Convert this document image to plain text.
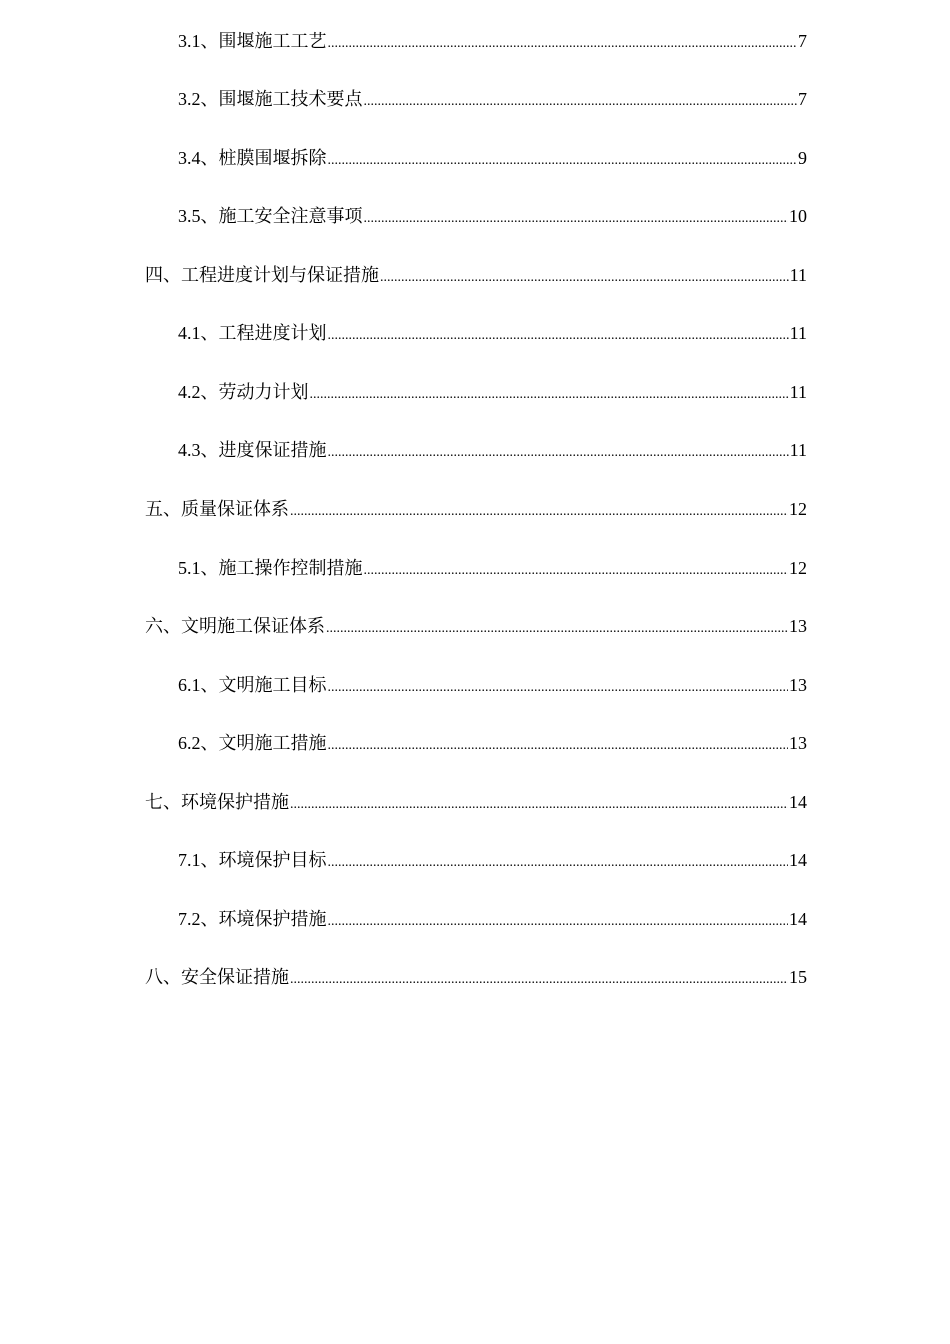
3.1、围堰施工工艺 .....	7
3.2、围堰施工技术要点 .....	7
3.4、桩膜围堰拆除 .....	9
3.5、施工安全注意事项 .....	10
四、工程进度计划与保证措施 .....	11
4.1、工程进度计划 .....	11
4.2、劳动力计划 .....	11
4.3、进度保证措施 .....	11
五、质量保证体系 .....	12
5.1、施工操作控制措施 .....	12
六、文明施工保证体系 .....	13
6.1、文明施工目标 .....	13
6.2、文明施工措施 .....	13
七、环境保护措施 .....	14
7.1、环境保护目标 .....	14
7.2、环境保护措施 .....	14
八、安全保证措施 .....	15
